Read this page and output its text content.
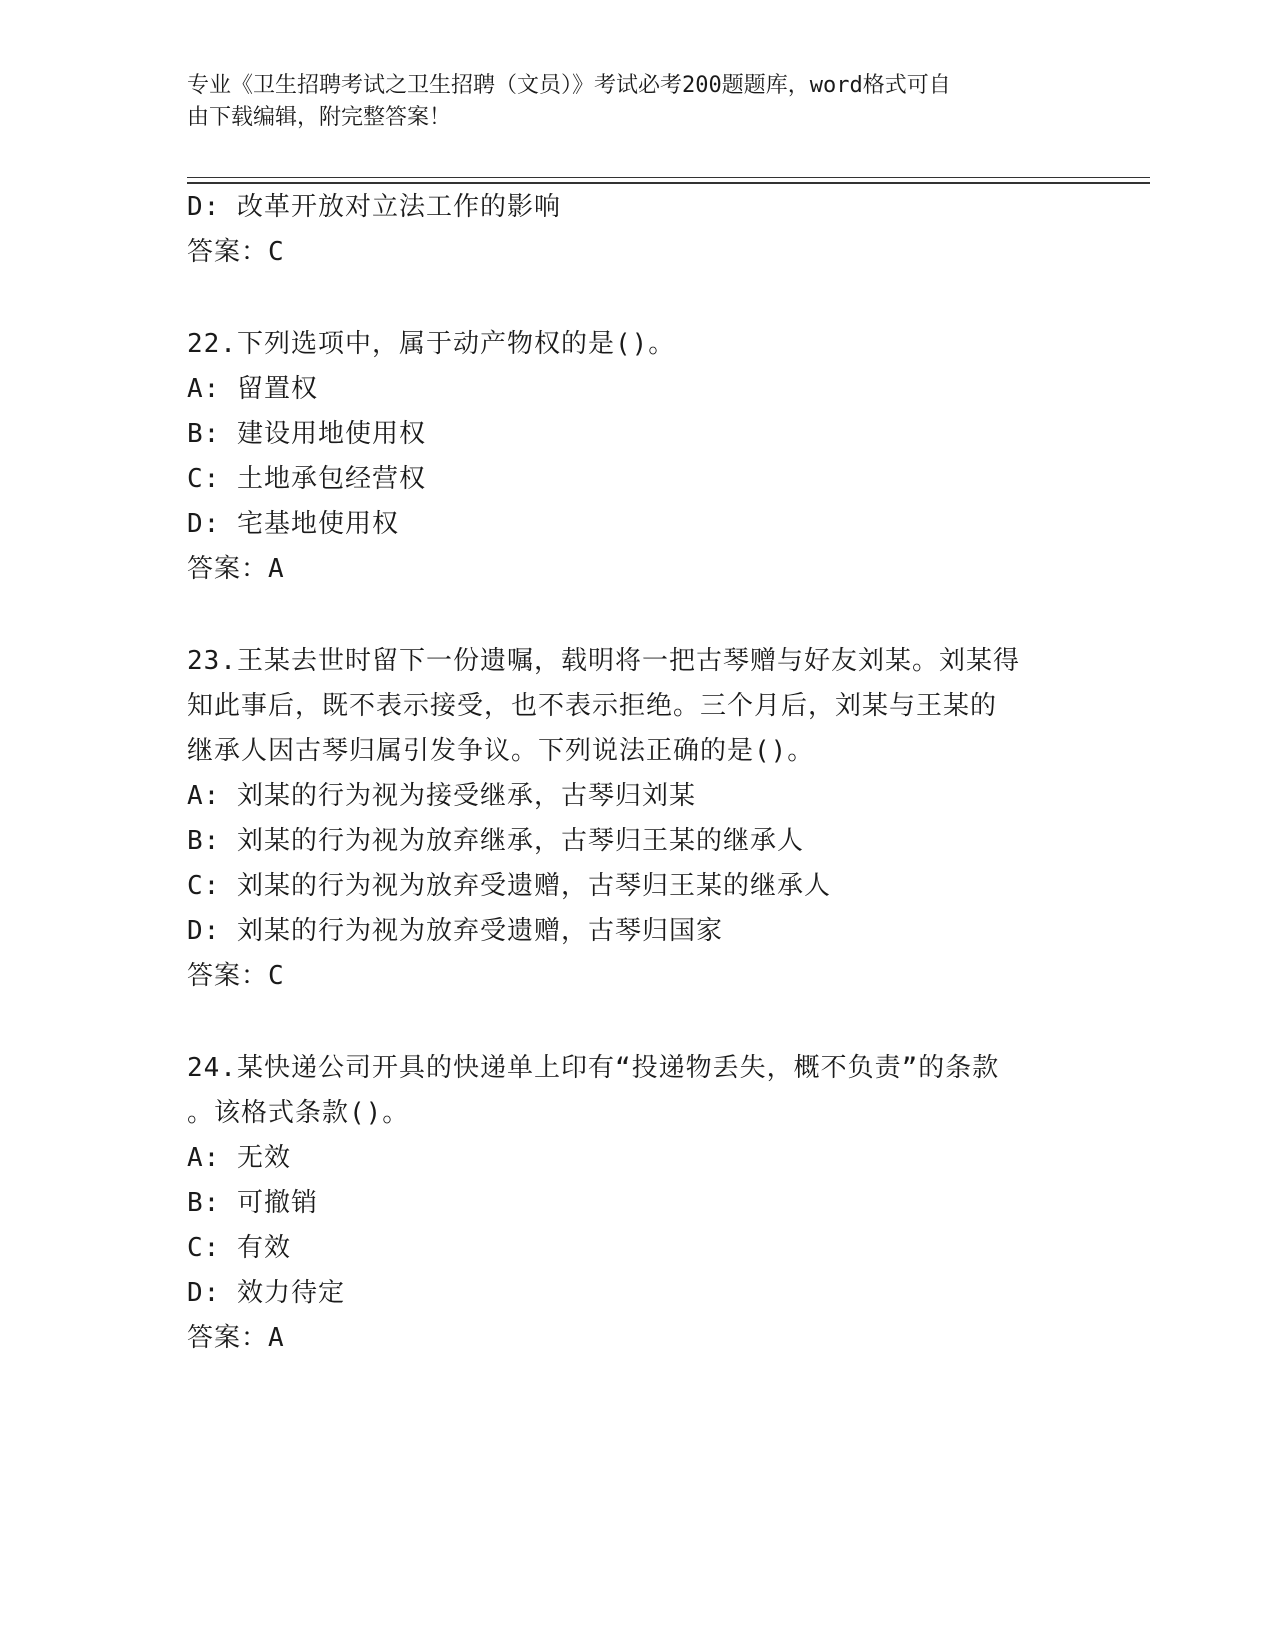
专业《卫生招聘考试之卫生招聘（文员）》考试必考200题题库，word格式可自
由下载编辑，附完整答案！
D: 改革开放对立法工作的影响
答案：C
22.下列选项中，属于动产物权的是()。
A: 留置权
B: 建设用地使用权
C: 土地承包经营权
D: 宅基地使用权
答案：A
23.王某去世时留下一份遗嘱，载明将一把古琴赠与好友刘某。刘某得
知此事后，既不表示接受，也不表示拒绝。三个月后，刘某与王某的
继承人因古琴归属引发争议。下列说法正确的是()。
A: 刘某的行为视为接受继承，古琴归刘某
B: 刘某的行为视为放弃继承，古琴归王某的继承人
C: 刘某的行为视为放弃受遗赠，古琴归王某的继承人
D: 刘某的行为视为放弃受遗赠，古琴归国家
答案：C
24.某快递公司开具的快递单上印有“投递物丢失，概不负责”的条款
。该格式条款()。
A: 无效
B: 可撤销
C: 有效
D: 效力待定
答案：A
